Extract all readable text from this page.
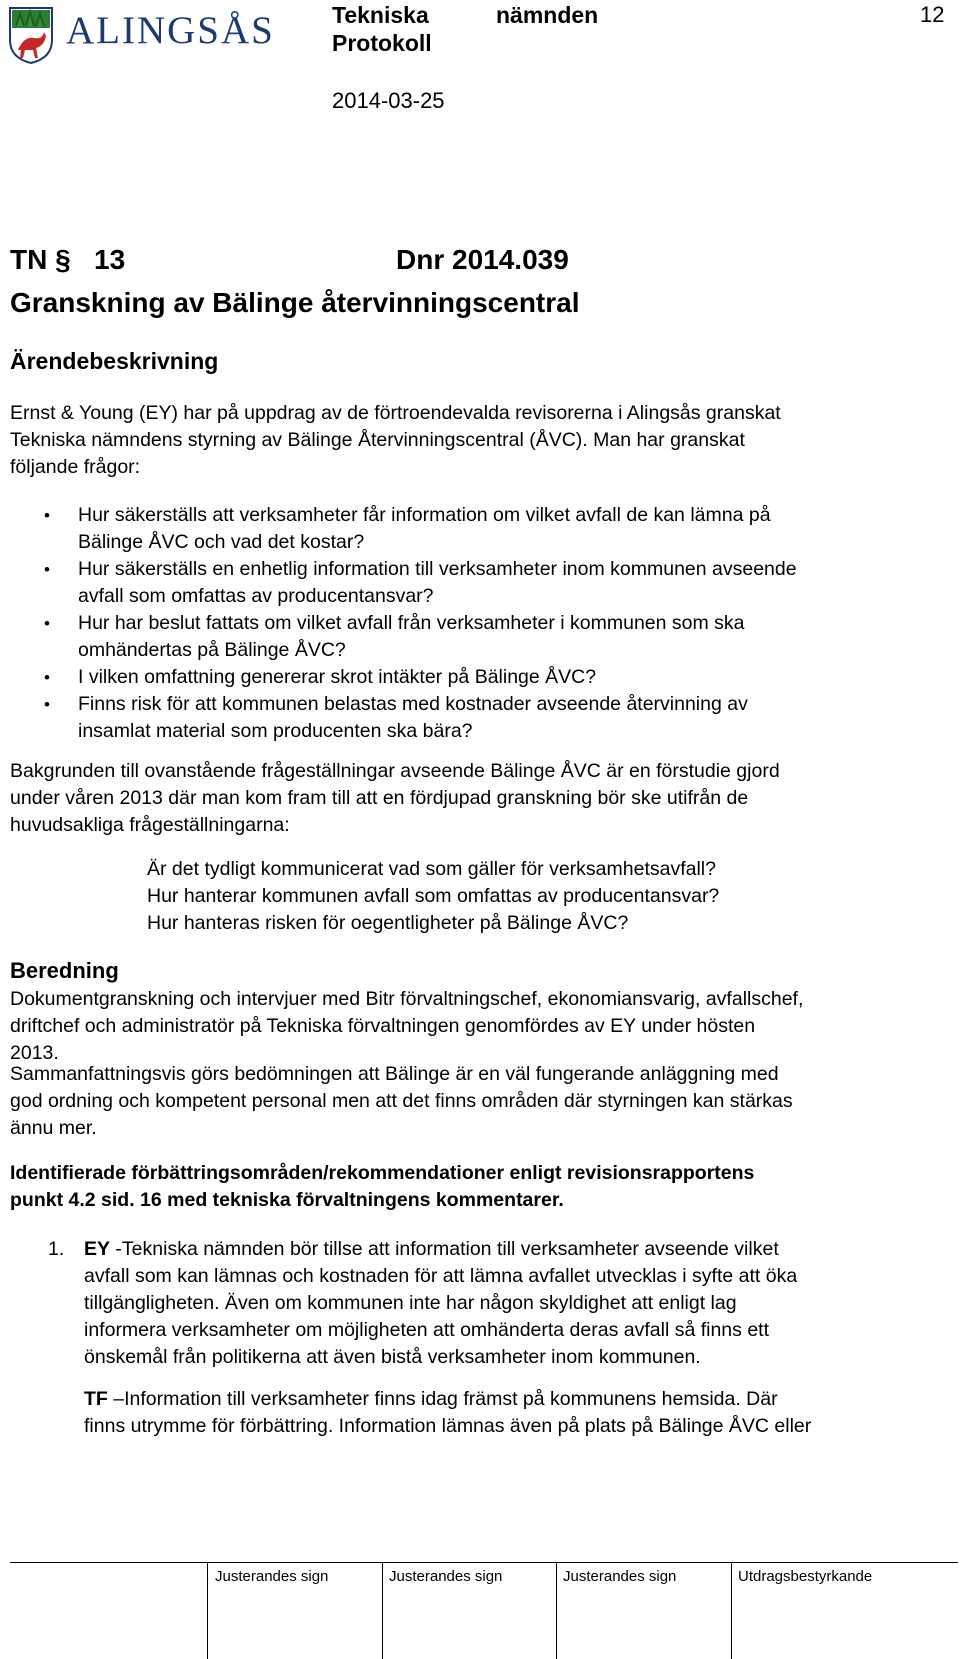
ALINGSÅS Tekniska	nämnden
Protokoll
2014-03-25
12
TN § 13	Dnr 2014.039
Granskning av Bälinge återvinningscentral
Ärendebeskrivning
Ernst & Young (EY) har på uppdrag av de förtroendevalda revisorerna i Alingsås granskat
Tekniska nämndens styrning av Bälinge Återvinningscentral (ÅVC). Man har granskat
följande frågor:
• Hur säkerställs att verksamheter får information om vilket avfall de kan lämna på
Bälinge ÅVC och vad det kostar?
• Hur säkerställs en enhetlig information till verksamheter inom kommunen avseende
avfall som omfattas av producentansvar?
• Hur har beslut fattats om vilket avfall från verksamheter i kommunen som ska
omhändertas på Bälinge ÅVC?
• I vilken omfattning genererar skrot intäkter på Bälinge ÅVC?
• Finns risk för att kommunen belastas med kostnader avseende återvinning av
insamlat material som producenten ska bära?
Bakgrunden till ovanstående frågeställningar avseende Bälinge ÅVC är en förstudie gjord
under våren 2013 där man kom fram till att en fördjupad granskning bör ske utifrån de
huvudsakliga frågeställningarna:
Är det tydligt kommunicerat vad som gäller för verksamhetsavfall?
Hur hanterar kommunen avfall som omfattas av producentansvar?
Hur hanteras risken för oegentligheter på Bälinge ÅVC?
Beredning
Dokumentgranskning och intervjuer med Bitr förvaltningschef, ekonomiansvarig, avfallschef,
driftchef och administratör på Tekniska förvaltningen genomfördes av EY under hösten
2013.
Sammanfattningsvis görs bedömningen att Bälinge är en väl fungerande anläggning med
god ordning och kompetent personal men att det finns områden där styrningen kan stärkas
ännu mer.
Identifierade förbättringsområden/rekommendationer enligt revisionsrapportens
punkt 4.2 sid. 16 med tekniska förvaltningens kommentarer.
1.	EY -Tekniska nämnden bör tillse att information till verksamheter avseende vilket
avfall som kan lämnas och kostnaden för att lämna avfallet utvecklas i syfte att öka
tillgängligheten. Även om kommunen inte har någon skyldighet att enligt lag
informera verksamheter om möjligheten att omhänderta deras avfall så finns ett
önskemål från politikerna att även bistå verksamheter inom kommunen.
TF –Information till verksamheter finns idag främst på kommunens hemsida. Där
finns utrymme för förbättring. Information lämnas även på plats på Bälinge ÅVC eller
Justerandes sign	Justerandes sign	Justerandes sign	Utdragsbestyrkande
